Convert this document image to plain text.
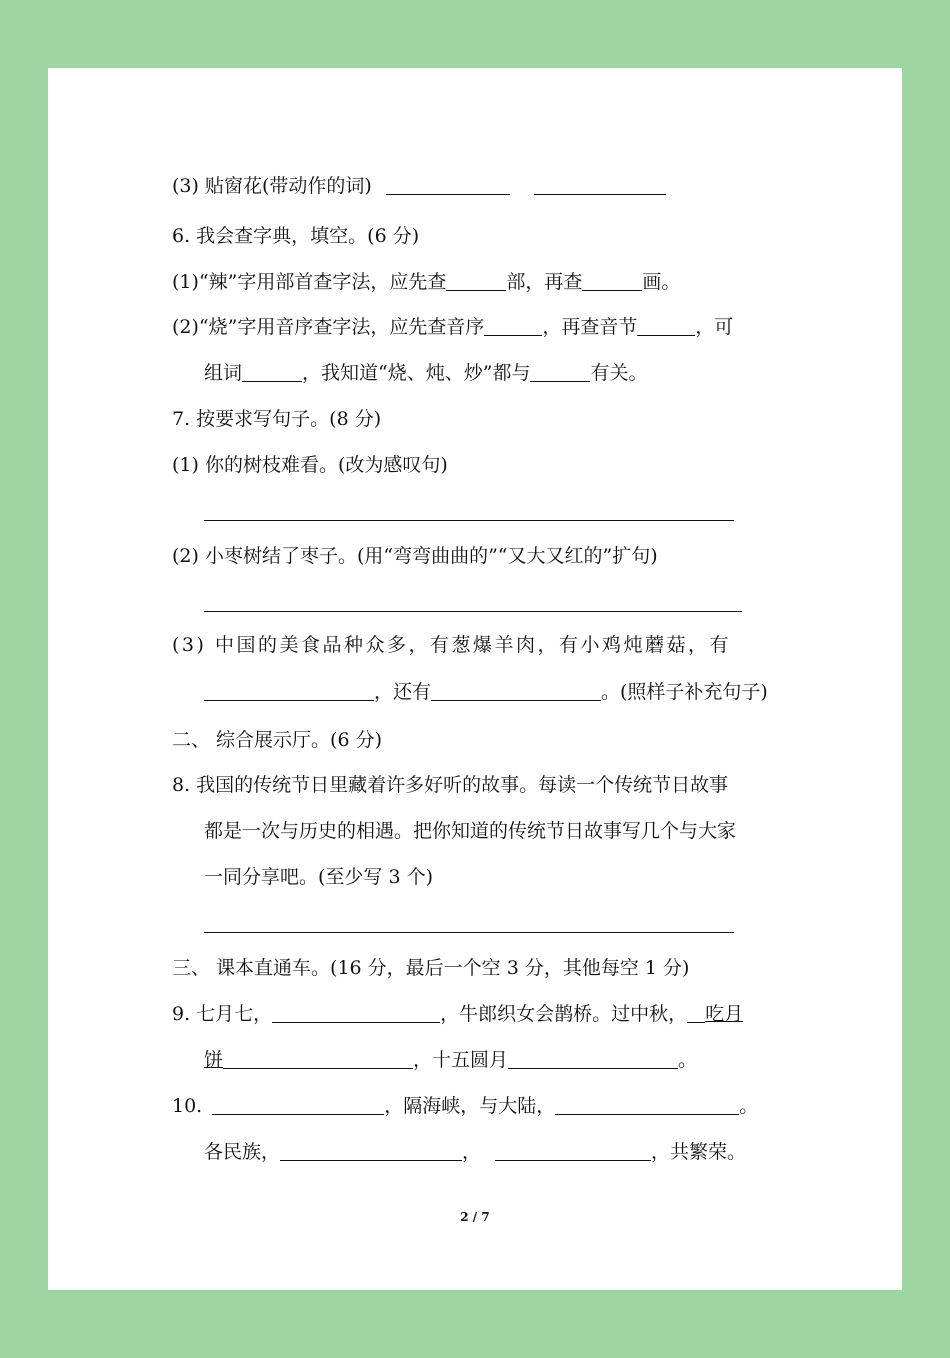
(3) 贴窗花(带动作的词)
6. 我会查字典，填空。(6 分)
(1)“辣”字用部首查字法，应先查	部，再查	画。
(2)“烧”字用音序查字法，应先查音序	，再查音节	，可
组词	，我知道“烧、炖、炒”都与	有关。
7. 按要求写句子。(8 分)
(1) 你的树枝难看。(改为感叹句)
(2) 小枣树结了枣子。(用“弯弯曲曲的”“又大又红的”扩句)
(3) 中国的美食品种众多，有葱爆羊肉，有小鸡炖蘑菇，有
，还有	。(照样子补充句子)
二、 综合展示厅。(6 分)
8. 我国的传统节日里藏着许多好听的故事。每读一个传统节日故事
都是一次与历史的相遇。把你知道的传统节日故事写几个与大家
一同分享吧。(至少写 3 个)
三、 课本直通车。(16 分，最后一个空 3 分，其他每空 1 分)
9. 七月七，	，牛郎织女会鹊桥。过中秋， 吃月
饼	，十五圆月	。
10.	，隔海峡，与大陆，	。
各民族，	，	，共繁荣。
2 / 7
